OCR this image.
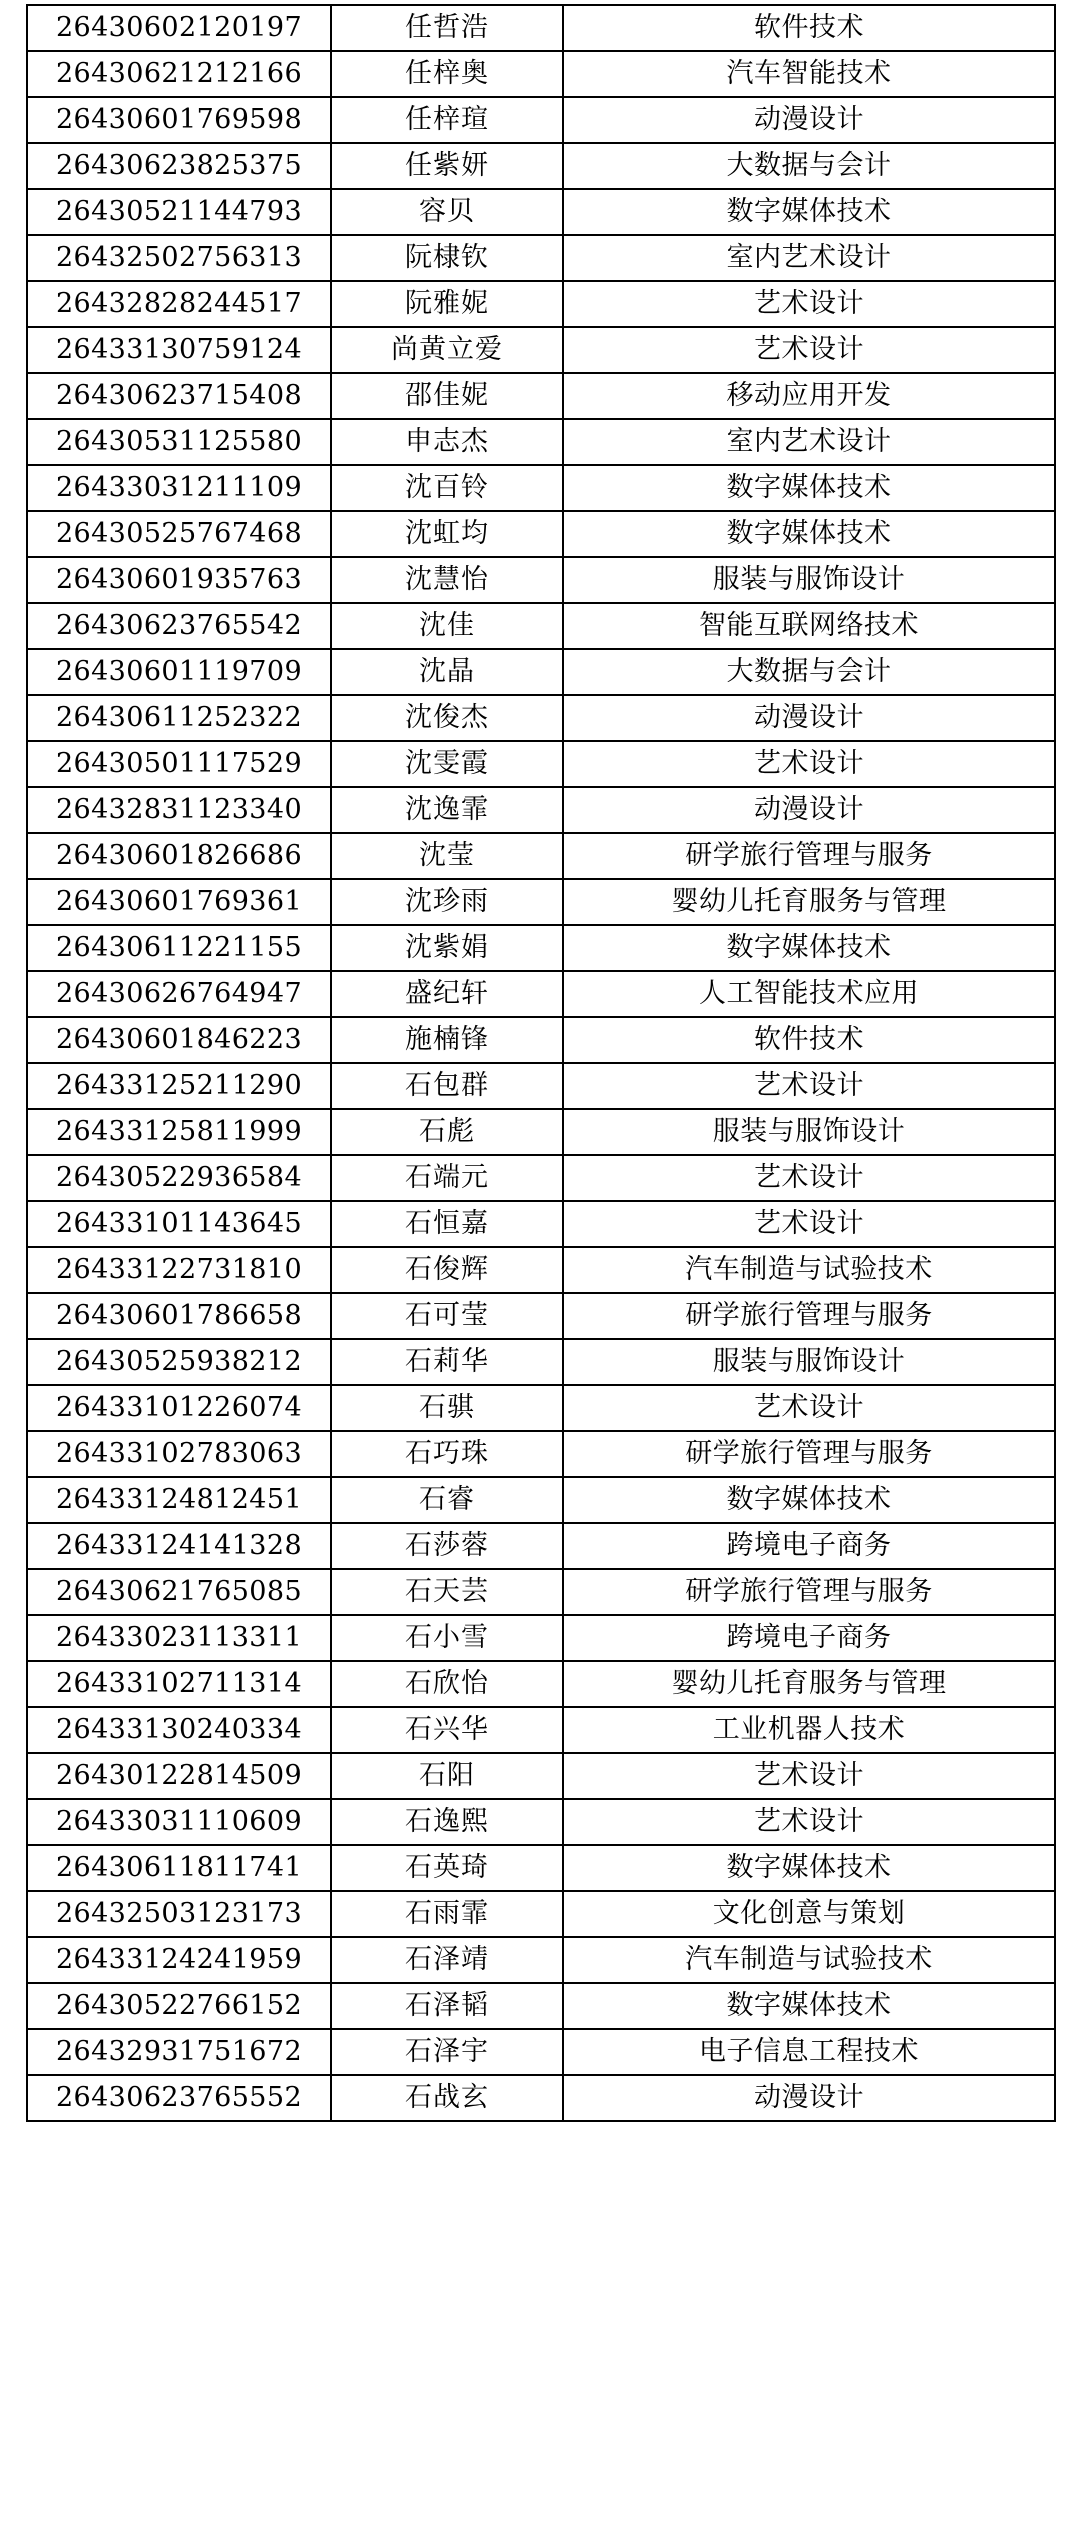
26430602120197	任哲浩	软件技术
26430621212166	任梓奥	汽车智能技术
26430601769598	任梓瑄	动漫设计
26430623825375	任紫妍	大数据与会计
26430521144793	容贝	数字媒体技术
26432502756313	阮棣钦	室内艺术设计
26432828244517	阮雅妮	艺术设计
26433130759124	尚黄立爱	艺术设计
26430623715408	邵佳妮	移动应用开发
26430531125580	申志杰	室内艺术设计
26433031211109	沈百铃	数字媒体技术
26430525767468	沈虹均	数字媒体技术
26430601935763	沈慧怡	服装与服饰设计
26430623765542	沈佳	智能互联网络技术
26430601119709	沈晶	大数据与会计
26430611252322	沈俊杰	动漫设计
26430501117529	沈雯霞	艺术设计
26432831123340	沈逸霏	动漫设计
26430601826686	沈莹	研学旅行管理与服务
26430601769361	沈珍雨	婴幼儿托育服务与管理
26430611221155	沈紫娟	数字媒体技术
26430626764947	盛纪轩	人工智能技术应用
26430601846223	施楠锋	软件技术
26433125211290	石包群	艺术设计
26433125811999	石彪	服装与服饰设计
26430522936584	石端元	艺术设计
26433101143645	石恒嘉	艺术设计
26433122731810	石俊辉	汽车制造与试验技术
26430601786658	石可莹	研学旅行管理与服务
26430525938212	石莉华	服装与服饰设计
26433101226074	石骐	艺术设计
26433102783063	石巧珠	研学旅行管理与服务
26433124812451	石睿	数字媒体技术
26433124141328	石莎蓉	跨境电子商务
26430621765085	石天芸	研学旅行管理与服务
26433023113311	石小雪	跨境电子商务
26433102711314	石欣怡	婴幼儿托育服务与管理
26433130240334	石兴华	工业机器人技术
26430122814509	石阳	艺术设计
26433031110609	石逸熙	艺术设计
26430611811741	石英琦	数字媒体技术
26432503123173	石雨霏	文化创意与策划
26433124241959	石泽靖	汽车制造与试验技术
26430522766152	石泽韬	数字媒体技术
26432931751672	石泽宇	电子信息工程技术
26430623765552	石战玄	动漫设计
